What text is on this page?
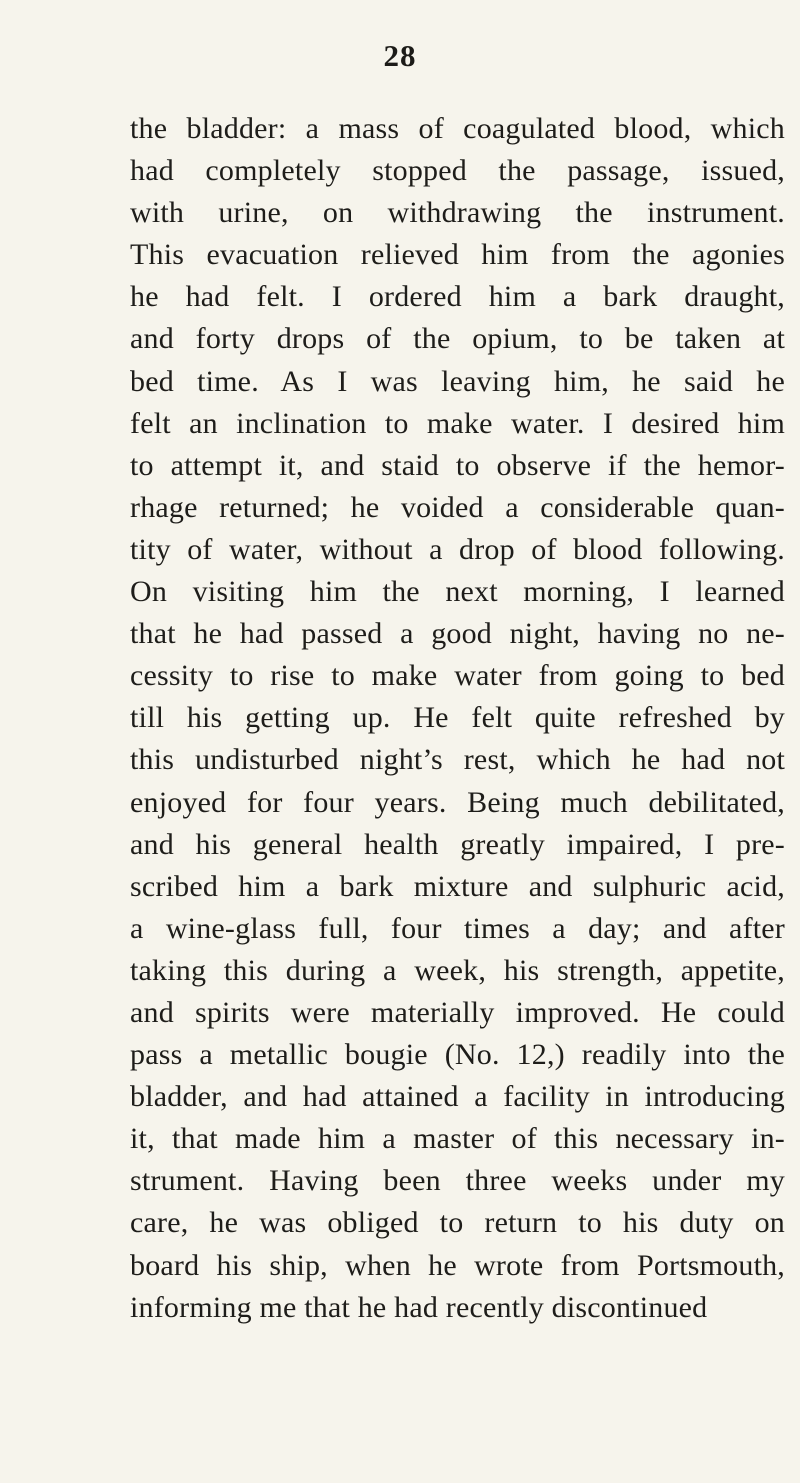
28
the bladder: a mass of coagulated blood, which
had completely stopped the passage, issued,
with urine, on withdrawing the instrument.
This evacuation relieved him from the agonies
he had felt. I ordered him a bark draught,
and forty drops of the opium, to be taken at
bed time. As I was leaving him, he said he
felt an inclination to make water. I desired him
to attempt it, and staid to observe if the hemor-
rhage returned; he voided a considerable quan-
tity of water, without a drop of blood following.
On visiting him the next morning, I learned
that he had passed a good night, having no ne-
cessity to rise to make water from going to bed
till his getting up. He felt quite refreshed by
this undisturbed night’s rest, which he had not
enjoyed for four years. Being much debilitated,
and his general health greatly impaired, I pre-
scribed him a bark mixture and sulphuric acid,
a wine-glass full, four times a day; and after
taking this during a week, his strength, appetite,
and spirits were materially improved. He could
pass a metallic bougie (No. 12,) readily into the
bladder, and had attained a facility in introducing
it, that made him a master of this necessary in-
strument. Having been three weeks under my
care, he was obliged to return to his duty on
board his ship, when he wrote from Portsmouth,
informing me that he had recently discontinued
